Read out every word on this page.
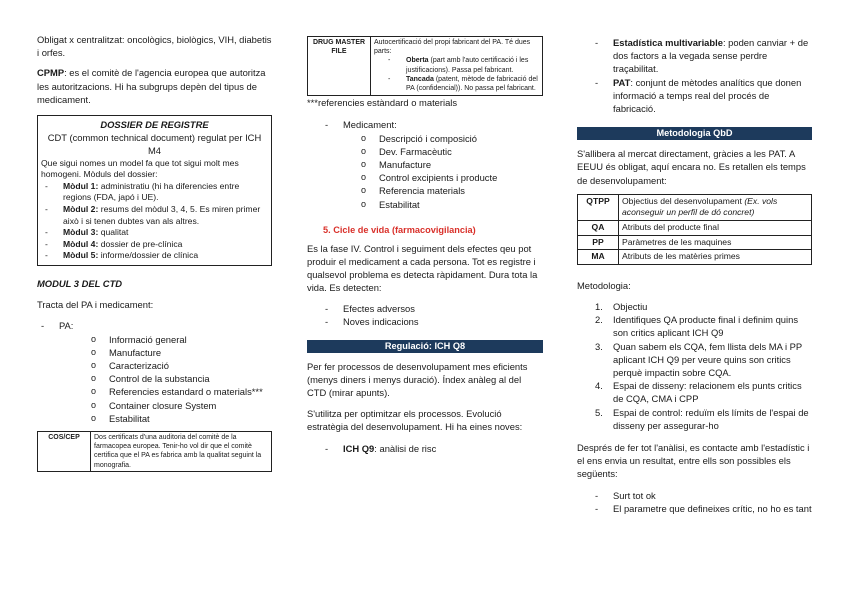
Obligat x centralitzat: oncològics, biològics, VIH, diabetis i orfes.

CPMP: es el comitè de l'agencia europea que autoritza les autoritzacions. Hi ha subgrups depèn del tipus de medicament.

DOSSIER DE REGISTRE

CDT (common technical document) regulat per ICH M4

Que sigui nomes un model fa que tot sigui molt mes homogeni. Mòduls del dossier:

- Mòdul 1: administratiu (hi ha diferencies entre regions (FDA, japó i UE).
- Mòdul 2: resums del mòdul 3, 4, 5. Es miren primer això i si tenen dubtes van als altres.
- Mòdul 3: qualitat
- Mòdul 4: dossier de pre-clínica
- Mòdul 5: informe/dossier de clínica

MODUL 3 DEL CTD

Tracta del PA i medicament:

- PA:
o Informació general
o Manufacture
o Caracterizació
o Control de la substancia
o Referencies estandard o materials***
o Container closure System
o Estabilitat
COS/CEP	Dos certificats d'una auditoria del comitè de la farmacopea europea. Tenir-ho vol dir que el comitè certifica que el PA es fabrica amb la qualitat seguint la monografia.
DRUG MASTER FILE	
Autocertificació del propi fabricant del PA. Té dues parts:
- Oberta (part amb l'auto certificació i les justificacions). Passa pel fabricant.
- Tancada (patent, mètode de fabricació del PA (confidencial)). No passa pel fabricant.

***referencies estàndard o materials

- Medicament:
o Descripció i composició
o Dev. Farmacèutic
o Manufacture
o Control excipients i producte
o Referencia materials
o Estabilitat

5. Cicle de vida (farmacovigilancia)

Es la fase IV. Control i seguiment dels efectes qeu pot produir el medicament a cada persona. Tot es registre i qualsevol problema es detecta ràpidament. Dura tota la vida. Es detecten:

- Efectes adversos
- Noves indicacions
Regulació: ICH Q8

Per fer processos de desenvolupament mes eficients (menys diners i menys duració). Índex anàleg al del CTD (mirar apunts).

S'utilitza per optimitzar els processos. Evolució estratègia del desenvolupament. Hi ha eines noves:

- ICH Q9: anàlisi de risc
- Estadística multivariable: poden canviar + de dos factors a la vegada sense perdre traçabilitat.
- PAT: conjunt de mètodes analítics que donen informació a temps real del procés de fabricació.
Metodologia QbD

S'allibera al mercat directament, gràcies a les PAT. A EEUU és obligat, aquí encara no. Es retallen els temps de desenvolupament:

QTPP	Objectius del desenvolupament (Ex. vols aconseguir un perfil de dó concret)
QA	Atributs del producte final
PP	Paràmetres de les maquines
MA	Atributs de les matèries primes

Metodologia:

1. Objectiu
2. Identifiques QA producte final i definim quins son critics aplicant ICH Q9
3. Quan sabem els CQA, fem llista dels MA i PP aplicant ICH Q9 per veure quins son critics perquè impactin sobre CQA.
4. Espai de disseny: relacionem els punts critics de CQA, CMA i CPP
5. Espai de control: reduïm els límits de l'espai de disseny per assegurar-ho

Després de fer tot l'anàlisi, es contacte amb l'estadístic i el ens envia un resultat, entre ells son possibles els següents:

- Surt tot ok
- El parametre que defineixes crític, no ho es tant
